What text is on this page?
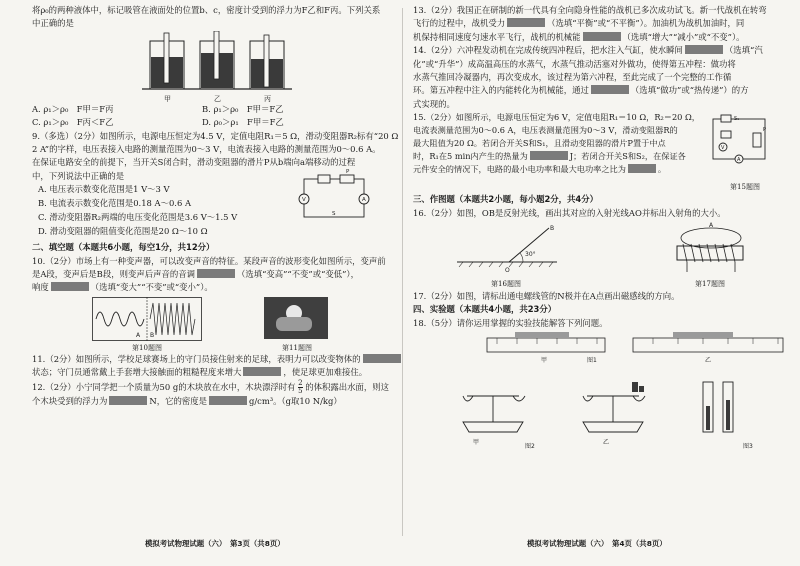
将ρ₀的两种液体中，标记吸管在液面处的位置b、c，密度计受到的浮力为F乙和F丙。下列关系

中正确的是

甲	乙	丙
A. ρ₁＞ρ₀　F甲＝F丙	B. ρ₁＞ρ₀　F甲＝F乙
C. ρ₁＞ρ₀　F丙＜F乙	D. ρ₀＞ρ₁　F甲＝F乙

9.（多选）（2分）如图所示，电源电压恒定为4.5 V，定值电阻R₁＝5 Ω，滑动变阻器R₂标有“20 Ω

2 A”的字样，电压表接入电路的测量范围为0～3 V，电流表接入电路的测量范围为0～0.6 A。

在保证电路安全的前提下，当开关S闭合时，滑动变阻器的滑片P从b端向a端移动的过程

中，下列说法中正确的是

A. 电压表示数变化范围是1 V～3 V

B. 电流表示数变化范围是0.18 A～0.6 A

C. 滑动变阻器R₂两端的电压变化范围是3.6 V～1.5 V

D. 滑动变阻器的阻值变化范围是20 Ω～10 Ω

V	A
P
S

二、填空题（本题共6小题，每空1分，共12分）

10.（2分）市场上有一种变声器，可以改变声音的特征。某段声音的波形变化如图所示，变声前

是A段，变声后是B段，则变声后声音的音调	（选填“变高”“不变”或“变低”），

响度	（选填“变大”“不变”或“变小”）。

A B
第10题图	第11题图

11.（2分）如图所示，学校足球赛场上的守门员接住射来的足球，表明力可以改变物体的

状态；守门员通常戴上手套增大接触面的粗糙程度来增大	，使足球更加难接住。

12.（2分）小宁同学把一个质量为50 g的木块放在水中，木块漂浮时有 $\frac{2}{5}$ 的体积露出水面，则这

个木块受到的浮力为	N，它的密度是	g/cm³。（g取10 N/kg）

13.（2分）我国正在研制的新一代具有全向隐身性能的战机已多次成功试飞。新一代战机在转弯

飞行的过程中，战机受力	（选填“平衡”或“不平衡”）。加油机为战机加油时，同

机保持相同速度匀速水平飞行，战机的机械能	（选填“增大”“减小”或“不变”）。

14.（2分）六冲程发动机在完成传统四冲程后，把水注入气缸，使水瞬间	（选填“汽

化”或“升华”）成高温高压的水蒸气，水蒸气推动活塞对外做功，使得第五冲程：做功将

水蒸气推回冷凝器内，再次变成水，该过程为第六冲程，至此完成了一个完整的工作循

环。第五冲程中注入的内能转化为机械能，通过	（选填“做功”或“热传递”）的方

式实现的。

15.（2分）如图所示，电源电压恒定为6 V，定值电阻R₁＝10 Ω，R₂＝20 Ω，

电流表测量范围为0～0.6 A，电压表测量范围为0～3 V，滑动变阻器R的

最大阻值为20 Ω。若闭合开关S和S₁，且滑动变阻器的滑片P置于中点

时，R₁在5 min内产生的热量为	J；若闭合开关S和S₂，在保证各

元件安全的情况下，电路的最小电功率和最大电功率之比为	。

A
V
P
S₁
第15题图

三、作图题（本题共2小题，每小题2分，共4分）

16.（2分）如图，OB是反射光线，画出其对应的入射光线AO并标出入射角的大小。

30°
B
O
A
第16题图	第17题图

17.（2分）如图，请标出通电螺线管的N极并在A点画出磁感线的方向。

四、实验题（本题共4小题，共23分）

18.（5分）请你运用掌握的实验技能解答下列问题。

甲	图1	乙
甲	乙
图2	图3
模拟考试物理试题（六）　第3页（共8页）	模拟考试物理试题（六）　第4页（共8页）
